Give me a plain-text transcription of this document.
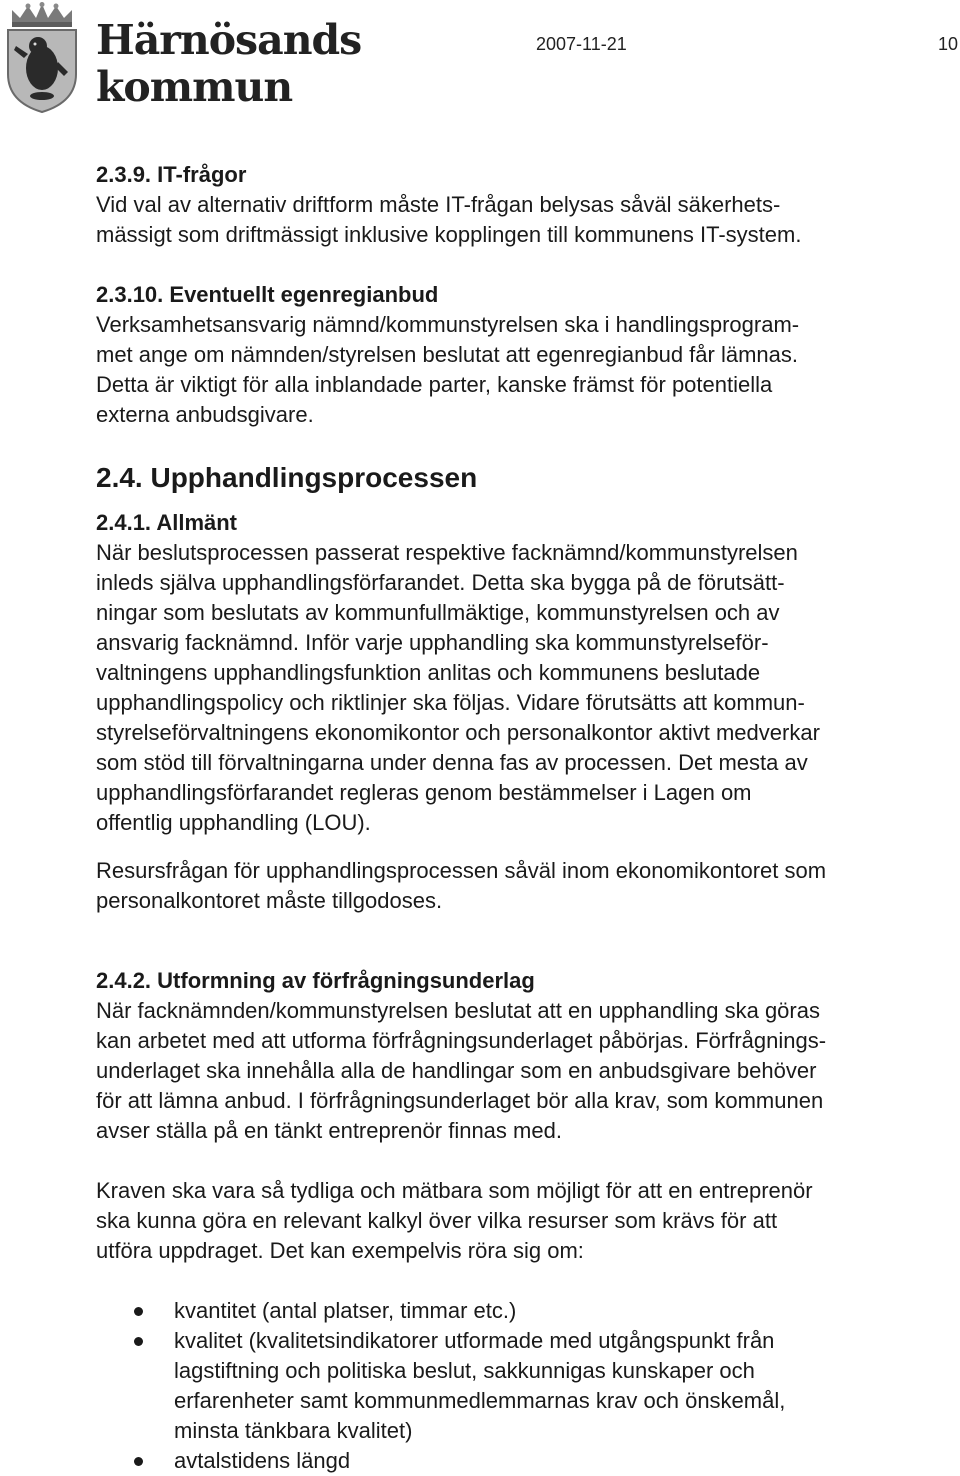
Härnösands
kommun
2007-11-21	10
2.3.9. IT-frågor

Vid val av alternativ driftform måste IT-frågan belysas såväl säkerhets-
mässigt som driftmässigt inklusive kopplingen till kommunens IT-system.

2.3.10. Eventuellt egenregianbud

Verksamhetsansvarig nämnd/kommunstyrelsen ska i handlingsprogram-
met ange om nämnden/styrelsen beslutat att egenregianbud får lämnas.
Detta är viktigt för alla inblandade parter, kanske främst för potentiella
externa anbudsgivare.

2.4. Upphandlingsprocessen
2.4.1. Allmänt

När beslutsprocessen passerat respektive facknämnd/kommunstyrelsen
inleds själva upphandlingsförfarandet. Detta ska bygga på de förutsätt-
ningar som beslutats av kommunfullmäktige, kommunstyrelsen och av
ansvarig facknämnd. Inför varje upphandling ska kommunstyrelseför-
valtningens upphandlingsfunktion anlitas och kommunens beslutade
upphandlingspolicy och riktlinjer ska följas. Vidare förutsätts att kommun-
styrelseförvaltningens ekonomikontor och personalkontor aktivt medverkar
som stöd till förvaltningarna under denna fas av processen. Det mesta av
upphandlingsförfarandet regleras genom bestämmelser i Lagen om
offentlig upphandling (LOU).

Resursfrågan för upphandlingsprocessen såväl inom ekonomikontoret som
personalkontoret måste tillgodoses.

2.4.2. Utformning av förfrågningsunderlag

När facknämnden/kommunstyrelsen beslutat att en upphandling ska göras
kan arbetet med att utforma förfrågningsunderlaget påbörjas. Förfrågnings-
underlaget ska innehålla alla de handlingar som en anbudsgivare behöver
för att lämna anbud. I förfrågningsunderlaget bör alla krav, som kommunen
avser ställa på en tänkt entreprenör finnas med.

Kraven ska vara så tydliga och mätbara som möjligt för att en entreprenör
ska kunna göra en relevant kalkyl över vilka resurser som krävs för att
utföra uppdraget. Det kan exempelvis röra sig om:

kvantitet (antal platser, timmar etc.)
kvalitet (kvalitetsindikatorer utformade med utgångspunkt från
lagstiftning och politiska beslut, sakkunnigas kunskaper och
erfarenheter samt kommunmedlemmarnas krav och önskemål,
minsta tänkbara kvalitet)
avtalstidens längd
